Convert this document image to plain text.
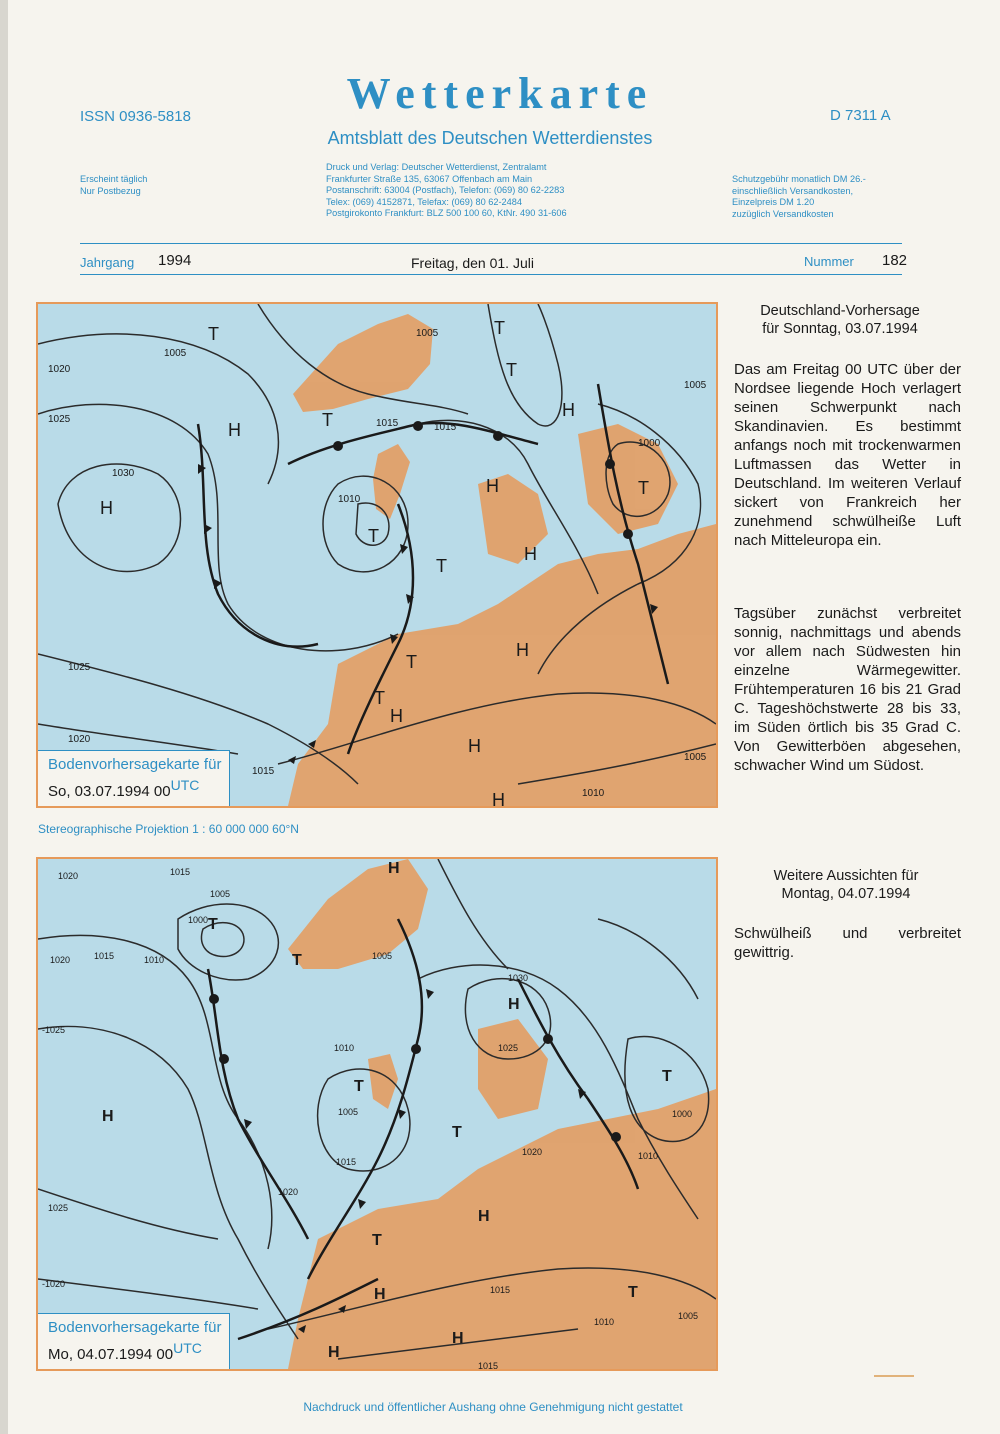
ISSN 0936-5818	Wetterkarte
Amtsblatt des Deutschen Wetterdienstes
D 7311 A
Erscheint täglich
Nur Postbezug
Druck und Verlag: Deutscher Wetterdienst, Zentralamt
Frankfurter Straße 135, 63067 Offenbach am Main
Postanschrift: 63004 (Postfach), Telefon: (069) 80 62-2283
Telex: (069) 4152871, Telefax: (069) 80 62-2484
Postgirokonto Frankfurt: BLZ 500 100 60, KtNr. 490 31-606
Schutzgebühr monatlich DM 26.-
einschließlich Versandkosten,
Einzelpreis DM 1.20
zuzüglich Versandkosten
Jahrgang 1994	Freitag, den 01. Juli	Nummer 182
H
H
H
H
H
H
H
H
H
T
T
T
T
T
T
T
T
T
1005
1020
1025
1030
1015
1010
1000
1005
1025
1020
1015
1010
1005
1015
1005
Bodenvorhersagekarte für
So, 03.07.1994 00UTC
Stereographische Projektion 1 : 60 000 000 60°N
H
H
H
H
H
H
H
T
T
T
T
T
T
T
1020	1015
1005
1000
1020	1015	1010
-1025
1010
1005
1015
1020
1030
1025
1020	1010
1000
1005
1015
1010
1005
-1020
1025
1015
Bodenvorhersagekarte für
Mo, 04.07.1994 00UTC
Deutschland-Vorhersage
für Sonntag, 03.07.1994
Das am Freitag 00 UTC über der Nordsee liegende Hoch verlagert seinen Schwerpunkt nach Skandinavien. Es bestimmt anfangs noch mit trockenwarmen Luftmassen das Wetter in Deutschland. Im weiteren Verlauf sickert von Frankreich her zunehmend schwülheiße Luft nach Mitteleuropa ein.
Tagsüber zunächst verbreitet sonnig, nachmittags und abends vor allem nach Südwesten hin einzelne Wärmegewitter. Frühtemperaturen 16 bis 21 Grad C. Tageshöchstwerte 28 bis 33, im Süden örtlich bis 35 Grad C. Von Gewitterböen abgesehen, schwacher Wind um Südost.
Weitere Aussichten für
Montag, 04.07.1994
Schwülheiß und verbreitet gewittrig.
Nachdruck und öffentlicher Aushang ohne Genehmigung nicht gestattet
